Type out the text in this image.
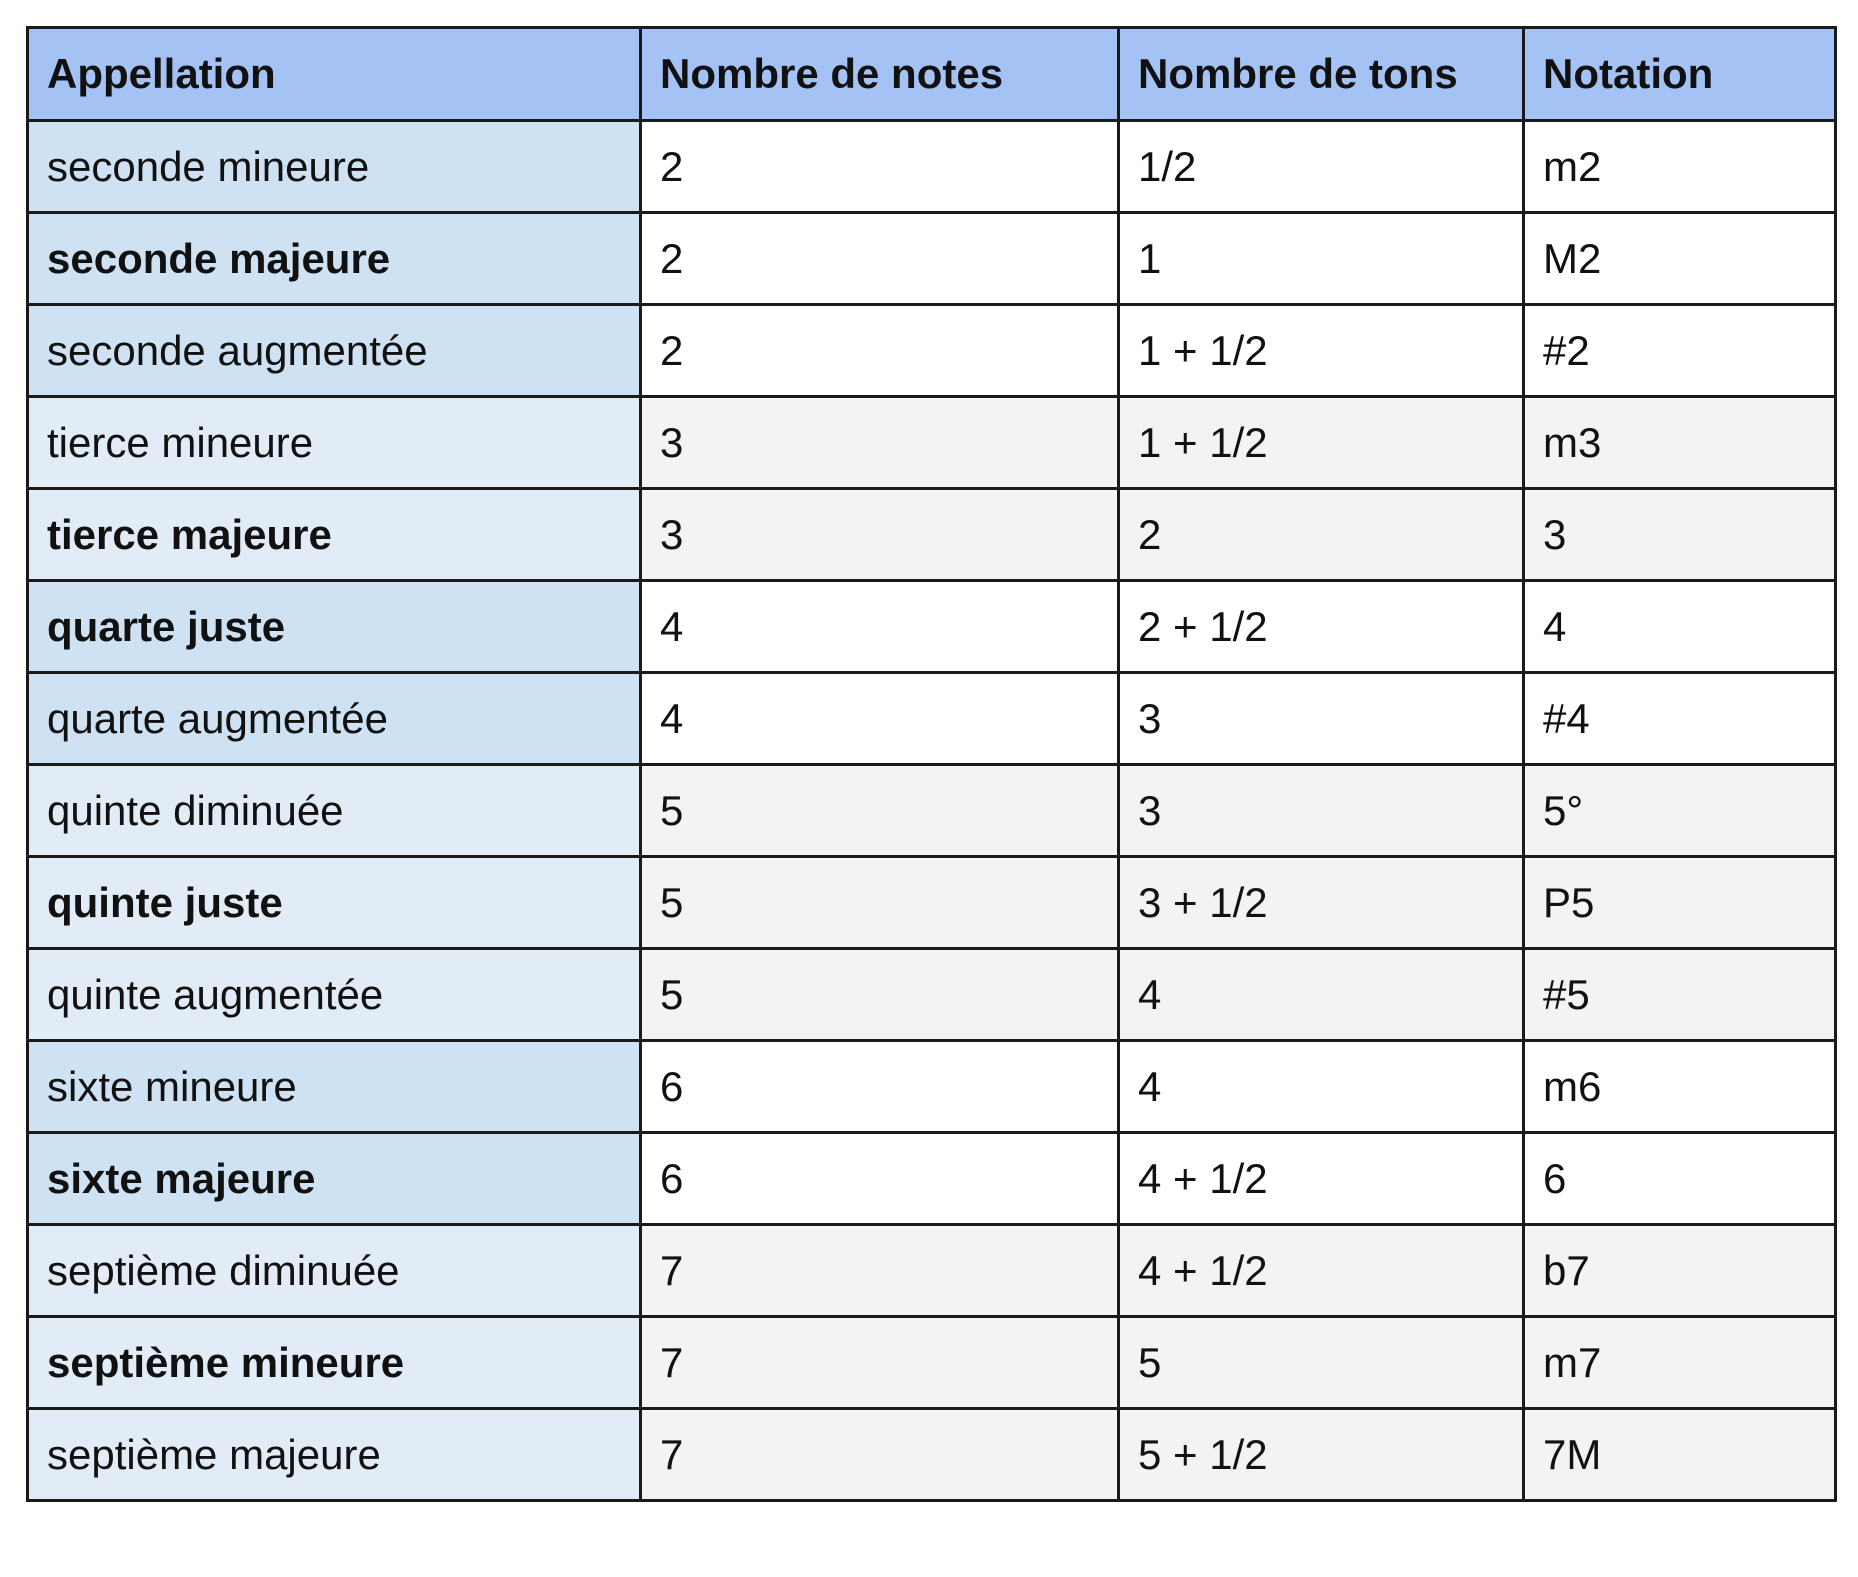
Appellation	Nombre de notes	Nombre de tons	Notation
seconde mineure	2	1/2	m2
seconde majeure	2	1	M2
seconde augmentée	2	1 + 1/2	#2
tierce mineure	3	1 + 1/2	m3
tierce majeure	3	2	3
quarte juste	4	2 + 1/2	4
quarte augmentée	4	3	#4
quinte diminuée	5	3	5°
quinte juste	5	3 + 1/2	P5
quinte augmentée	5	4	#5
sixte mineure	6	4	m6
sixte majeure	6	4 + 1/2	6
septième diminuée	7	4 + 1/2	b7
septième mineure	7	5	m7
septième majeure	7	5 + 1/2	7M
